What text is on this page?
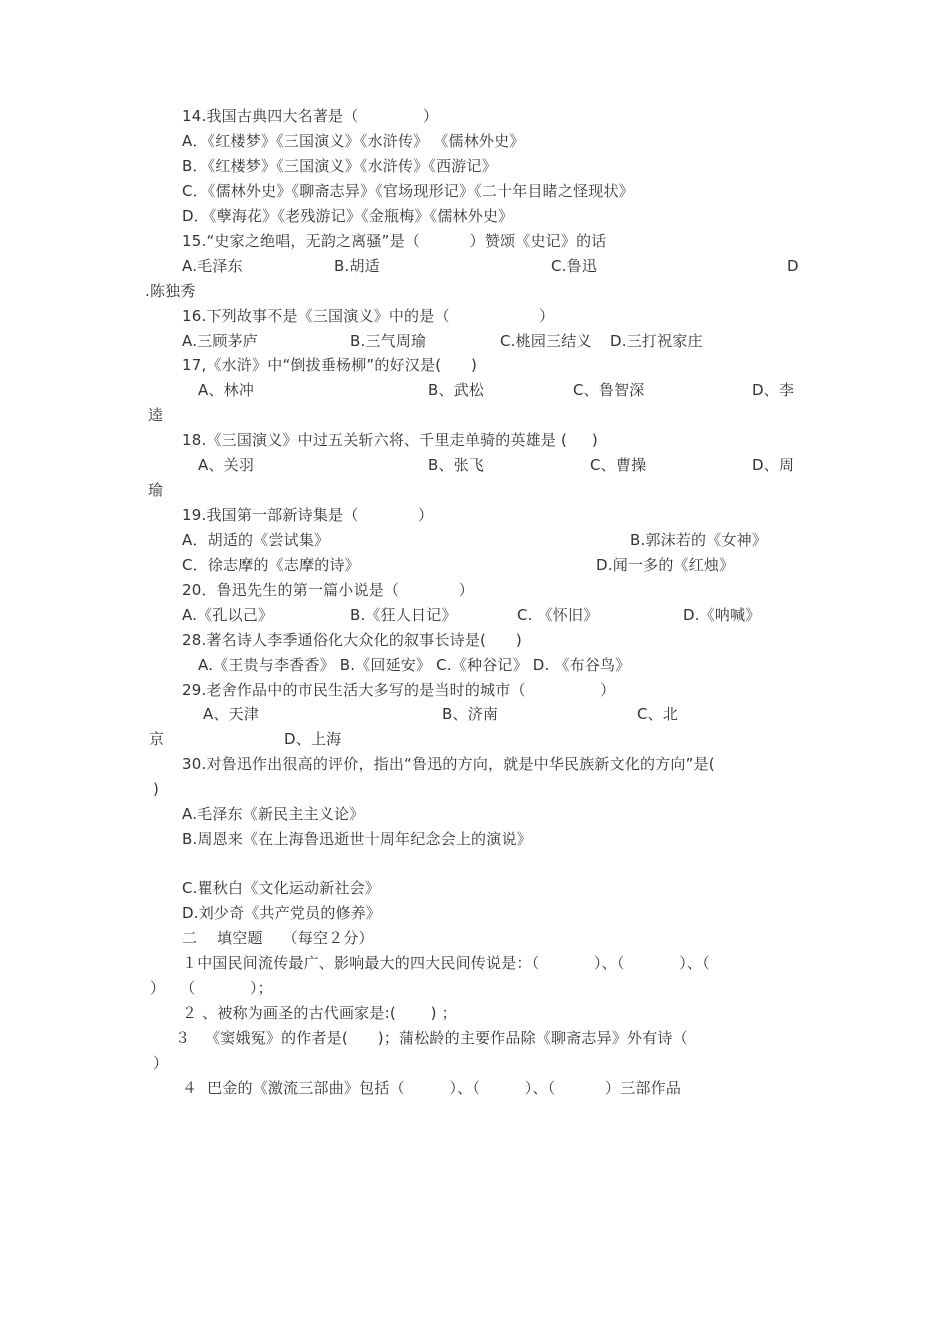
14.我国古典四大名著是（             ）
A．《红楼梦》《三国演义》《水浒传》 《儒林外史》
B．《红楼梦》《三国演义》《水浒传》《西游记》
C．《儒林外史》《聊斋志异》《官场现形记》《二十年目睹之怪现状》
D．《孽海花》《老残游记》《金瓶梅》《儒林外史》
15.“史家之绝唱，无韵之离骚”是（          ）赞颂《史记》的话
A.毛泽东	B.胡适	C.鲁迅	D
.陈独秀
16.下列故事不是《三国演义》中的是（                  ）
A.三顾茅庐	B.三气周瑜	C.桃园三结义 D.三打祝家庄
17,《水浒》中“倒拔垂杨柳”的好汉是(      )
A、林冲	B、武松	C、鲁智深	D、李
逵
18.《三国演义》中过五关斩六将、千里走单骑的英雄是 (     )
A、关羽	B、张飞	C、曹操	D、周
瑜
19.我国第一部新诗集是（            ）
A．胡适的《尝试集》	B.郭沫若的《女神》
C．徐志摩的《志摩的诗》	D.闻一多的《红烛》
20．鲁迅先生的第一篇小说是（            ）
A.《孔以己》	B.《狂人日记》	C. 《怀旧》	D.《呐喊》
28.著名诗人李季通俗化大众化的叙事长诗是(      )
A.《王贵与李香香》 B.《回延安》 C.《种谷记》 D. 《布谷鸟》
29.老舍作品中的市民生活大多写的是当时的城市（               ）
A、天津	B、济南	C、北
京	D、上海
30.对鲁迅作出很高的评价，指出“鲁迅的方向，就是中华民族新文化的方向”是(
)
A.毛泽东《新民主主义论》
B.周恩来《在上海鲁迅逝世十周年纪念会上的演说》
C.瞿秋白《文化运动新社会》
D.刘少奇《共产党员的修养》
二    填空题    （每空２分）
１中国民间流传最广、影响最大的四大民间传说是：（           ）、（           ）、（
）   （           ）；
２ 、被称为画圣的古代画家是:(       ) ；
３   《窦娥冤》的作者是(      )；蒲松龄的主要作品除《聊斋志异》外有诗（
）
４  巴金的《激流三部曲》包括（         ）、（         ）、（          ）三部作品
